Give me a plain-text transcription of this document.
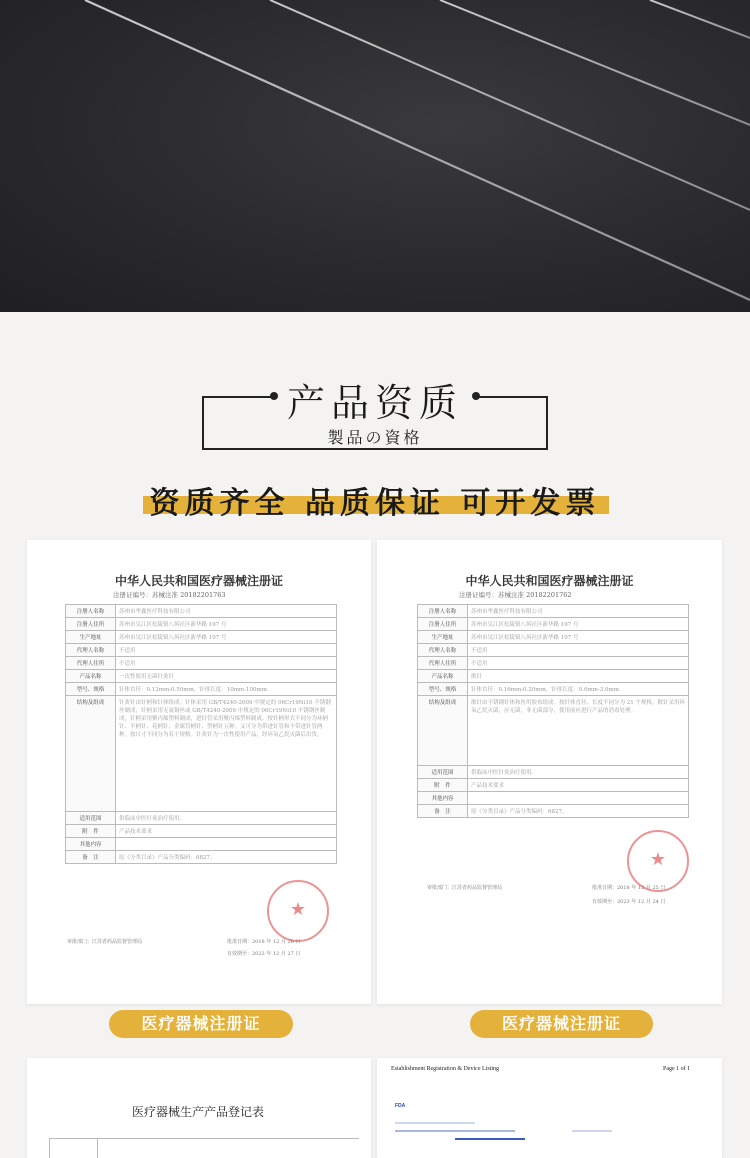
产品资质
製品の資格
资质齐全 品质保证 可开发票
中华人民共和国医疗器械注册证
注册证编号：苏械注准 20182201763
注册人名称	苏州市华鑫医疗科技有限公司
注册人住所	苏州市吴江区松陵镇八坼社区新华路 197 号
生产地址	苏州市吴江区松陵镇八坼社区新华路 197 号
代理人名称	不适用
代理人住所	不适用
产品名称	一次性使用无菌针灸针
型号、规格	针体直径：0.12mm-0.50mm，针体长度：10mm-100mm
结构及组成	针灸针由针柄和针体组成。针体采用 GB/T4240-2009 中规定的 06Cr19Ni10 不锈钢丝制成，针柄采用无氧铜丝或 GB/T4240-2009 中规定的 06Cr19Ni10 不锈钢丝制成，针柄采用聚丙烯塑料制成，进针管采用聚丙烯塑料制成。按针柄形式不同分为环柄针、平柄针、花柄针、金属管柄针、塑柄针五种。又可分为带进针管和不带进针管两种。按尺寸不同分为若干规格。针灸针为一次性使用产品，经环氧乙烷灭菌后出货。
适用范围	供临床中医针灸治疗使用。
附　件	产品技术要求
其他内容	
备　注	原《分类目录》产品分类编码：6827。
★
审批部门：江苏省药品监督管理局	批准日期：2018 年 12 月 28 日
有效期至：2023 年 12 月 27 日
医疗器械注册证
中华人民共和国医疗器械注册证
注册证编号：苏械注准 20182201762
注册人名称	苏州市华鑫医疗科技有限公司
注册人住所	苏州市吴江区松陵镇八坼社区新华路 197 号
生产地址	苏州市吴江区松陵镇八坼社区新华路 197 号
代理人名称	不适用
代理人住所	不适用
产品名称	揿针
型号、规格	针体直径：0.16mm-0.20mm，针体长度：0.6mm-3.0mm
结构及组成	揿针由不锈钢针体和医用胶布组成。按针体直径、长度不同分为 21 个规格。揿针采用环氧乙烷灭菌，应无菌，非无菌部分，使用前应进行产品的消毒处理。
适用范围	供临床中医针灸治疗使用。
附　件	产品技术要求
其他内容	
备　注	原《分类目录》产品分类编码：6827。
★
审批部门：江苏省药品监督管理局	批准日期：2018 年 12 月 25 日
有效期至：2023 年 12 月 24 日
医疗器械注册证
医疗器械生产产品登记表
Establishment Registration & Device Listing	Page 1 of 1
FDA
